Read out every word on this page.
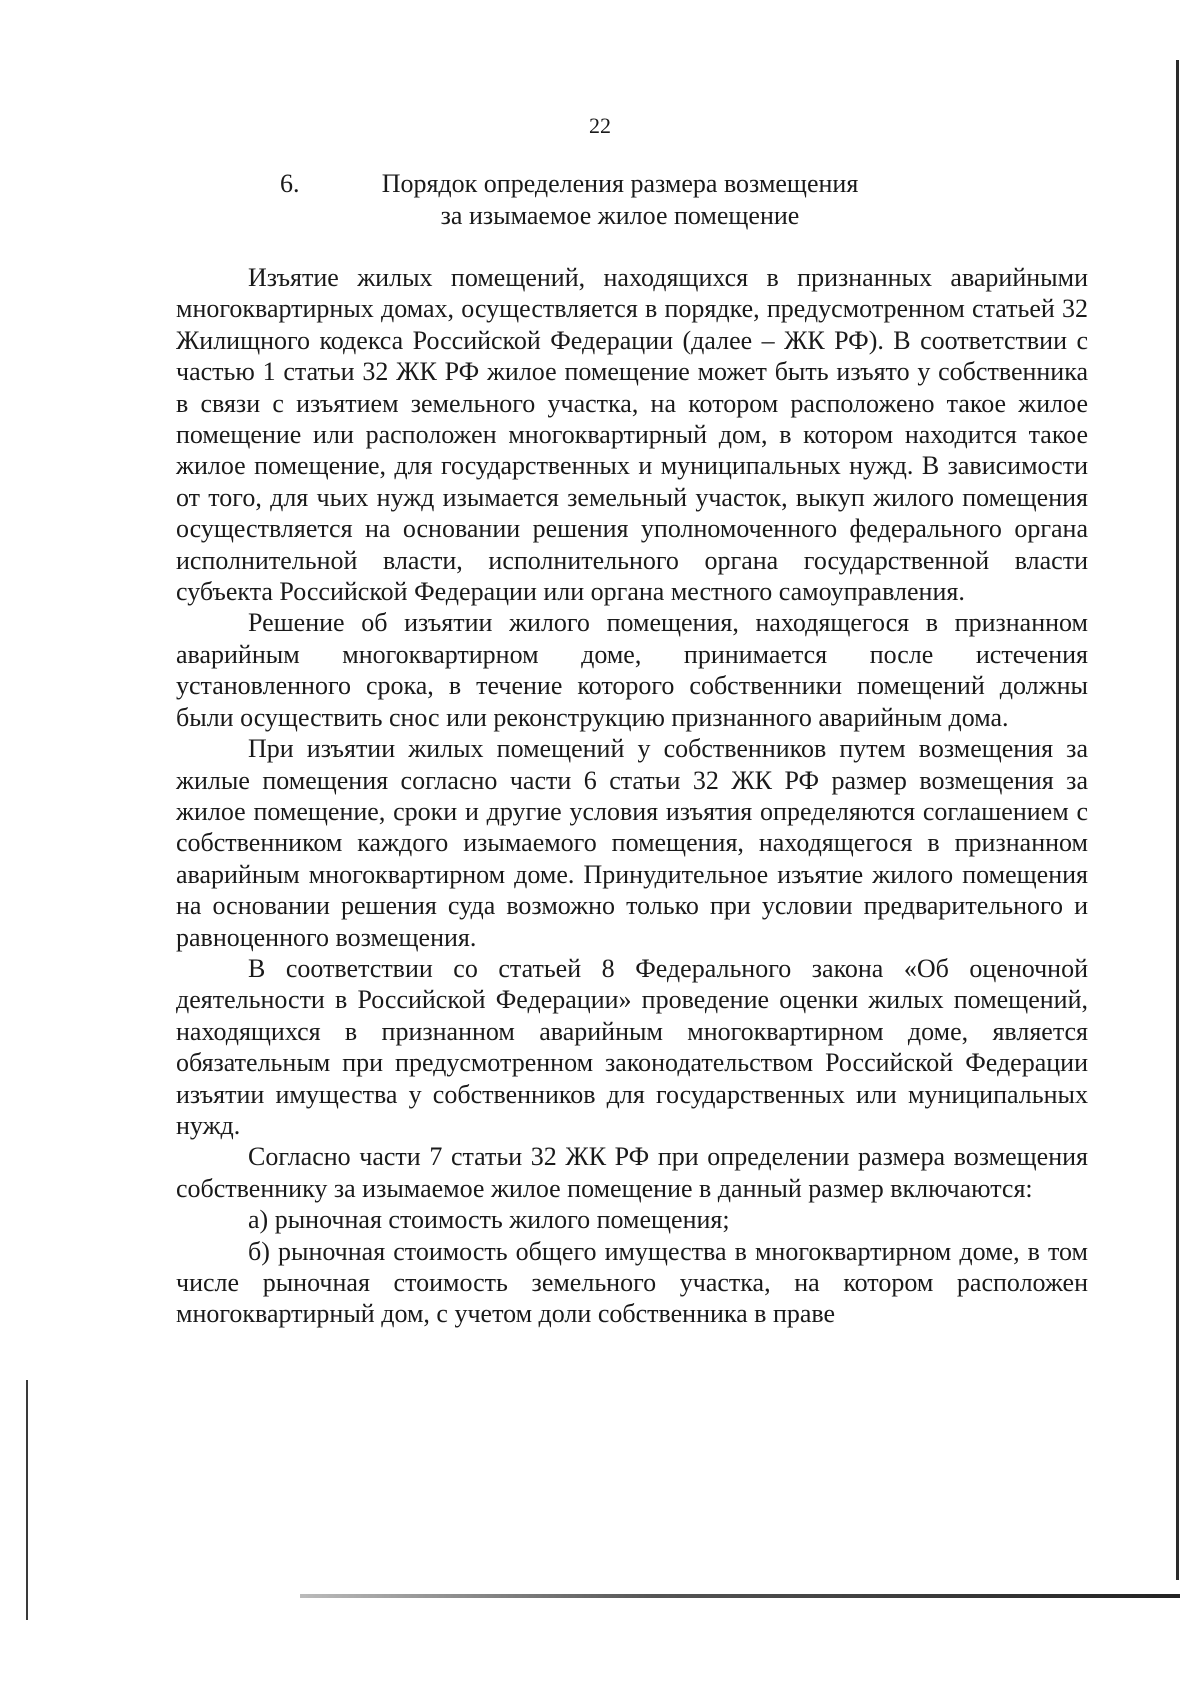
22
6.	Порядок определения размера возмещения
за изымаемое жилое помещение

Изъятие жилых помещений, находящихся в признанных аварийными многоквартирных домах, осуществляется в порядке, предусмотренном статьей 32 Жилищного кодекса Российской Федерации (далее – ЖК РФ). В соответствии с частью 1 статьи 32 ЖК РФ жилое помещение может быть изъято у собственника в связи с изъятием земельного участка, на котором расположено такое жилое помещение или расположен многоквартирный дом, в котором находится такое жилое помещение, для государственных и муниципальных нужд. В зависимости от того, для чьих нужд изымается земельный участок, выкуп жилого помещения осуществляется на основании решения уполномоченного федерального органа исполнительной власти, исполнительного органа государственной власти субъекта Российской Федерации или органа местного самоуправления.

Решение об изъятии жилого помещения, находящегося в признанном аварийным многоквартирном доме, принимается после истечения установленного срока, в течение которого собственники помещений должны были осуществить снос или реконструкцию признанного аварийным дома.

При изъятии жилых помещений у собственников путем возмещения за жилые помещения согласно части 6 статьи 32 ЖК РФ размер возмещения за жилое помещение, сроки и другие условия изъятия определяются соглашением с собственником каждого изымаемого помещения, находящегося в признанном аварийным многоквартирном доме. Принудительное изъятие жилого помещения на основании решения суда возможно только при условии предварительного и равноценного возмещения.

В соответствии со статьей 8 Федерального закона «Об оценочной деятельности в Российской Федерации» проведение оценки жилых помещений, находящихся в признанном аварийным многоквартирном доме, является обязательным при предусмотренном законодательством Российской Федерации изъятии имущества у собственников для государственных или муниципальных нужд.

Согласно части 7 статьи 32 ЖК РФ при определении размера возмещения собственнику за изымаемое жилое помещение в данный размер включаются:

а) рыночная стоимость жилого помещения;

б) рыночная стоимость общего имущества в многоквартирном доме, в том числе рыночная стоимость земельного участка, на котором расположен многоквартирный дом, с учетом доли собственника в праве
